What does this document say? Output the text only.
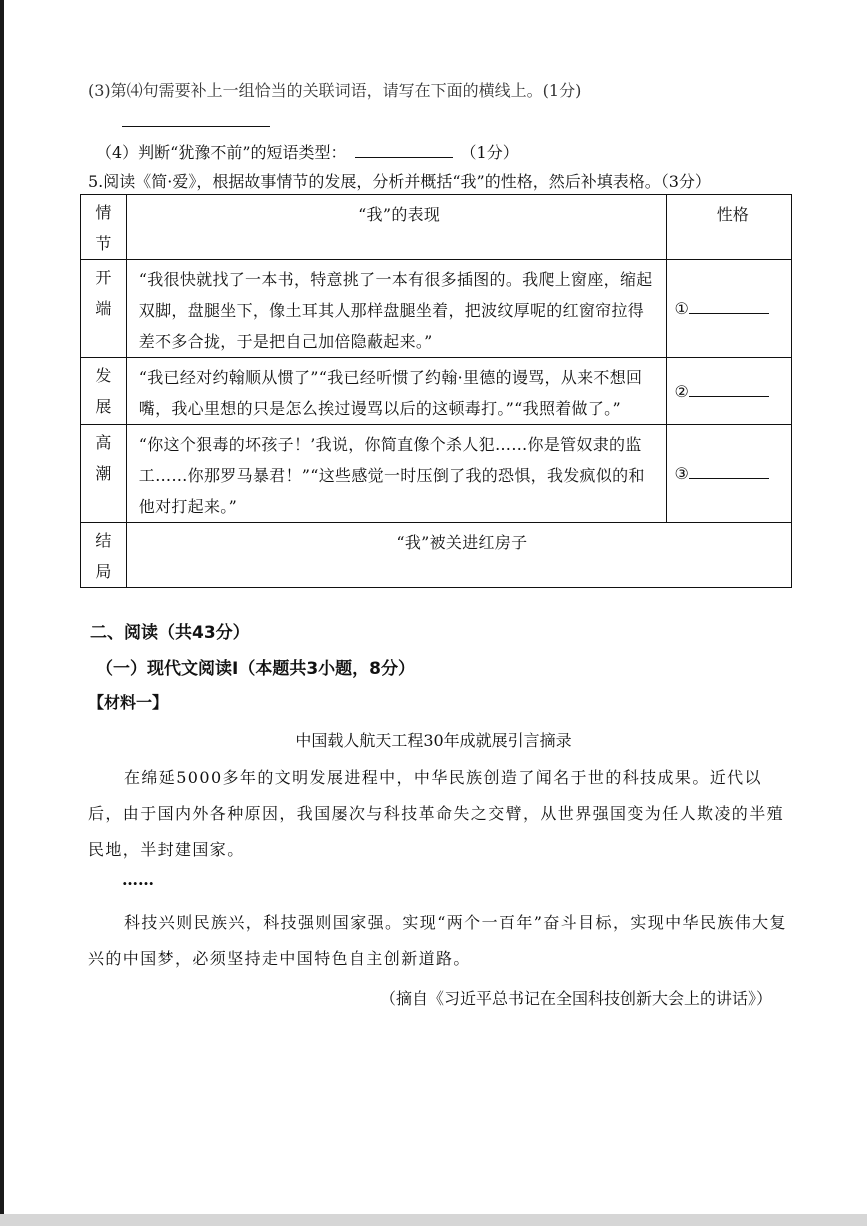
(3)第⑷句需要补上一组恰当的关联词语，请写在下面的横线上。(1分)
（4）判断“犹豫不前”的短语类型：	（1分）
5.阅读《简·爱》，根据故事情节的发展，分析并概括“我”的性格，然后补填表格。（3分）
情节	“我”的表现	性格

开端	“我很快就找了一本书，特意挑了一本有很多插图的。我爬上窗座，缩起双脚，盘腿坐下，像土耳其人那样盘腿坐着，把波纹厚呢的红窗帘拉得差不多合拢，于是把自己加倍隐蔽起来。”	①

发展	“我已经对约翰顺从惯了”“我已经听惯了约翰·里德的谩骂，从来不想回嘴，我心里想的只是怎么挨过谩骂以后的这顿毒打。”“我照着做了。”	②

高潮	“你这个狠毒的坏孩子！’我说，你简直像个杀人犯……你是管奴隶的监工……你那罗马暴君！”“这些感觉一时压倒了我的恐惧，我发疯似的和他对打起来。”	③

结局	“我”被关进红房子	
二、阅读（共43分）
（一）现代文阅读Ⅰ（本题共3小题，8分）
【材料一】
中国载人航天工程30年成就展引言摘录
在绵延5000多年的文明发展进程中，中华民族创造了闻名于世的科技成果。近代以后，由于国内外各种原因，我国屡次与科技革命失之交臂，从世界强国变为任人欺凌的半殖民地，半封建国家。
……
科技兴则民族兴，科技强则国家强。实现“两个一百年”奋斗目标，实现中华民族伟大复兴的中国梦，必须坚持走中国特色自主创新道路。
（摘自《习近平总书记在全国科技创新大会上的讲话》）
